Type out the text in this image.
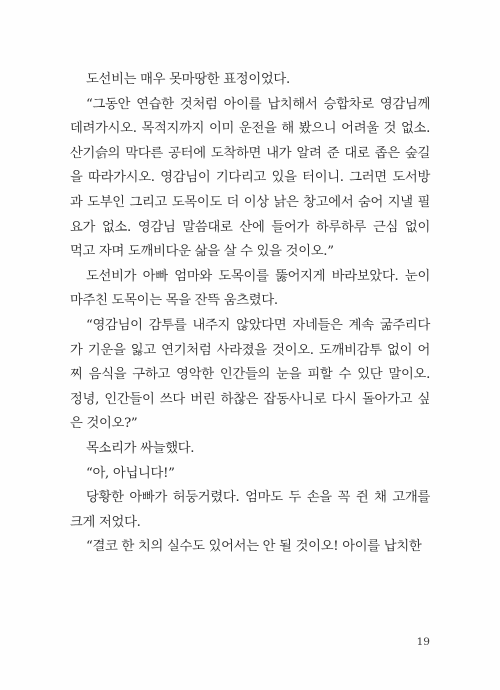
도선비는 매우 못마땅한 표정이었다.
“그동안 연습한 것처럼 아이를 납치해서 승합차로 영감님께
데려가시오. 목적지까지 이미 운전을 해 봤으니 어려울 것 없소.
산기슭의 막다른 공터에 도착하면 내가 알려 준 대로 좁은 숲길
을 따라가시오. 영감님이 기다리고 있을 터이니. 그러면 도서방
과 도부인 그리고 도목이도 더 이상 낡은 창고에서 숨어 지낼 필
요가 없소. 영감님 말씀대로 산에 들어가 하루하루 근심 없이
먹고 자며 도깨비다운 삶을 살 수 있을 것이오.”
도선비가 아빠 엄마와 도목이를 뚫어지게 바라보았다. 눈이
마주친 도목이는 목을 잔뜩 움츠렸다.
“영감님이 감투를 내주지 않았다면 자네들은 계속 굶주리다
가 기운을 잃고 연기처럼 사라졌을 것이오. 도깨비감투 없이 어
찌 음식을 구하고 영악한 인간들의 눈을 피할 수 있단 말이오.
정녕, 인간들이 쓰다 버린 하찮은 잡동사니로 다시 돌아가고 싶
은 것이오?”
목소리가 싸늘했다.
“아, 아닙니다!”
당황한 아빠가 허둥거렸다. 엄마도 두 손을 꼭 쥔 채 고개를
크게 저었다.
“결코 한 치의 실수도 있어서는 안 될 것이오! 아이를 납치한
19
